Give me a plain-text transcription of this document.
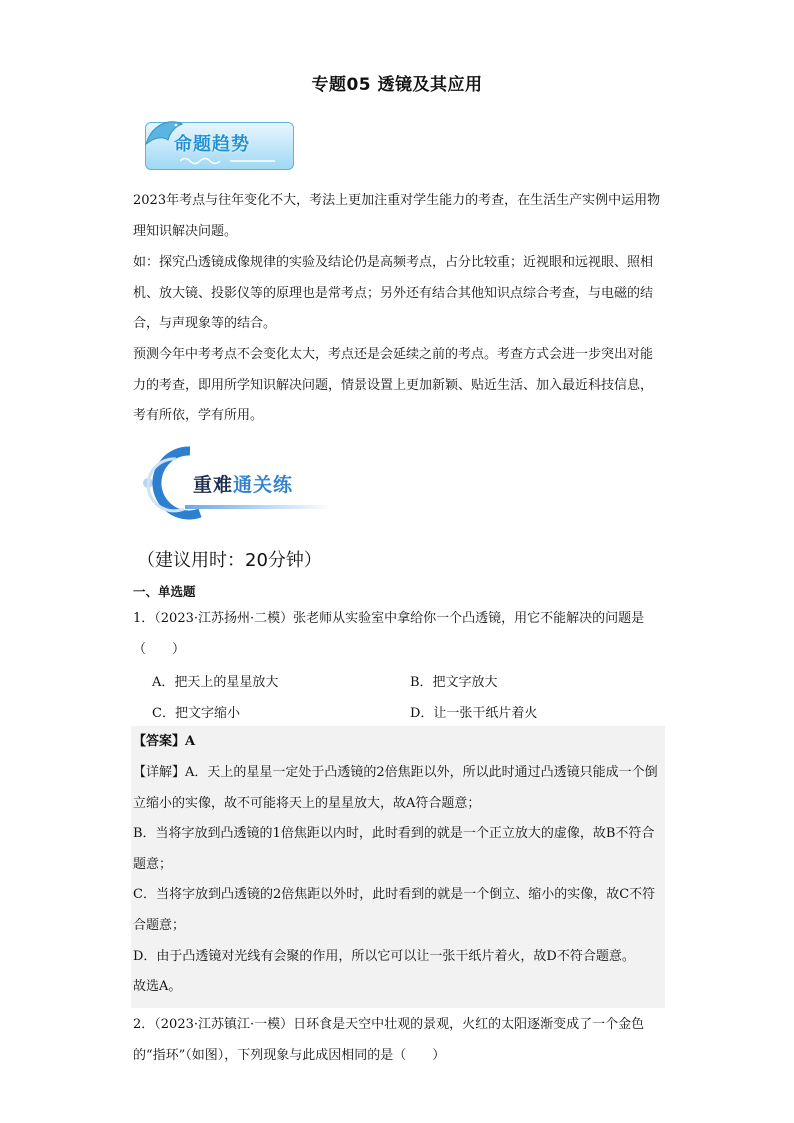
专题05 透镜及其应用
命题趋势
2023年考点与往年变化不大，考法上更加注重对学生能力的考查，在生活生产实例中运用物理知识解决问题。
如：探究凸透镜成像规律的实验及结论仍是高频考点，占分比较重；近视眼和远视眼、照相机、放大镜、投影仪等的原理也是常考点；另外还有结合其他知识点综合考查，与电磁的结合，与声现象等的结合。
预测今年中考考点不会变化太大，考点还是会延续之前的考点。考查方式会进一步突出对能力的考查，即用所学知识解决问题，情景设置上更加新颖、贴近生活、加入最近科技信息，考有所依，学有所用。
重难通关练
（建议用时：20分钟）
一、单选题
1．（2023·江苏扬州·二模）张老师从实验室中拿给你一个凸透镜，用它不能解决的问题是（　　）
A．把天上的星星放大	B．把文字放大
C．把文字缩小	D．让一张干纸片着火
【答案】A
【详解】A．天上的星星一定处于凸透镜的2倍焦距以外，所以此时通过凸透镜只能成一个倒立缩小的实像，故不可能将天上的星星放大，故A符合题意；
B．当将字放到凸透镜的1倍焦距以内时，此时看到的就是一个正立放大的虚像，故B不符合题意；
C．当将字放到凸透镜的2倍焦距以外时，此时看到的就是一个倒立、缩小的实像，故C不符合题意；
D．由于凸透镜对光线有会聚的作用，所以它可以让一张干纸片着火，故D不符合题意。
故选A。
2．（2023·江苏镇江·一模）日环食是天空中壮观的景观，火红的太阳逐渐变成了一个金色的“指环”（如图），下列现象与此成因相同的是（　　）
